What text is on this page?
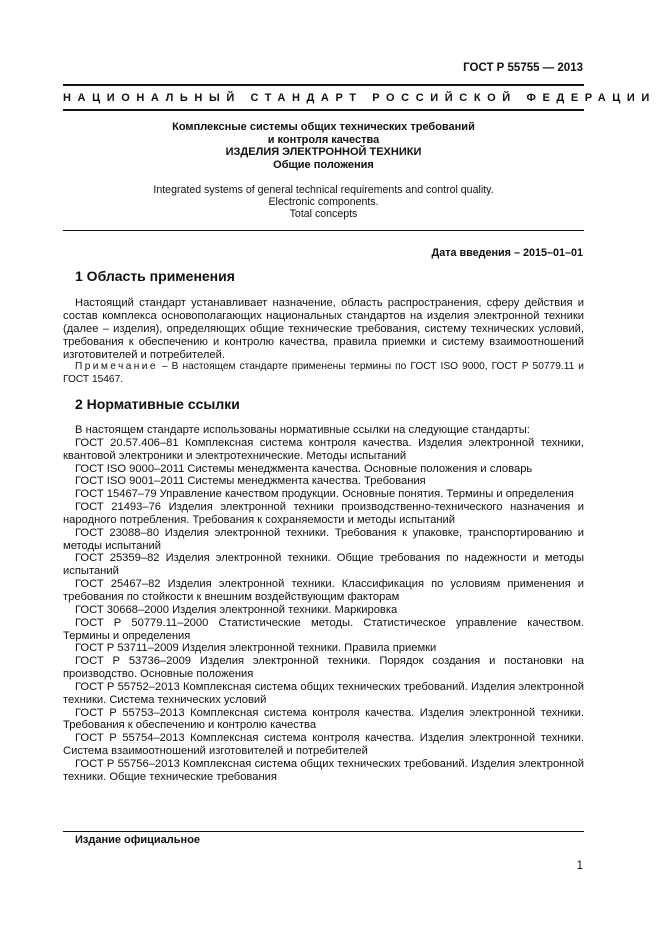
ГОСТ Р 55755 — 2013
НАЦИОНАЛЬНЫЙ СТАНДАРТ РОССИЙСКОЙ ФЕДЕРАЦИИ
Комплексные системы общих технических требований
и контроля качества
ИЗДЕЛИЯ ЭЛЕКТРОННОЙ ТЕХНИКИ
Общие положения
Integrated systems of general technical requirements and control quality.
Electronic components.
Total concepts
Дата введения – 2015–01–01
1 Область применения
Настоящий стандарт устанавливает назначение, область распространения, сферу действия и состав комплекса основополагающих национальных стандартов на изделия электронной техники (далее – изделия), определяющих общие технические требования, систему технических условий, требования к обеспечению и контролю качества, правила приемки и систему взаимоотношений изготовителей и потребителей.
Примечание – В настоящем стандарте применены термины по ГОСТ ISO 9000, ГОСТ Р 50779.11 и ГОСТ 15467.
2 Нормативные ссылки

В настоящем стандарте использованы нормативные ссылки на следующие стандарты:

ГОСТ 20.57.406–81 Комплексная система контроля качества. Изделия электронной техники, квантовой электроники и электротехнические. Методы испытаний

ГОСТ ISO 9000–2011 Системы менеджмента качества. Основные положения и словарь

ГОСТ ISO 9001–2011 Системы менеджмента качества. Требования

ГОСТ 15467–79 Управление качеством продукции. Основные понятия. Термины и определения

ГОСТ 21493–76 Изделия электронной техники производственно-технического назначения и народного потребления. Требования к сохраняемости и методы испытаний

ГОСТ 23088–80 Изделия электронной техники. Требования к упаковке, транспортированию и методы испытаний

ГОСТ 25359–82 Изделия электронной техники. Общие требования по надежности и методы испытаний

ГОСТ 25467–82 Изделия электронной техники. Классификация по условиям применения и требования по стойкости к внешним воздействующим факторам

ГОСТ 30668–2000 Изделия электронной техники. Маркировка

ГОСТ Р 50779.11–2000 Статистические методы. Статистическое управление качеством. Термины и определения

ГОСТ Р 53711–2009 Изделия электронной техники. Правила приемки

ГОСТ Р 53736–2009 Изделия электронной техники. Порядок создания и постановки на производство. Основные положения

ГОСТ Р 55752–2013 Комплексная система общих технических требований. Изделия электронной техники. Система технических условий

ГОСТ Р 55753–2013 Комплексная система контроля качества. Изделия электронной техники. Требования к обеспечению и контролю качества

ГОСТ Р 55754–2013 Комплексная система контроля качества. Изделия электронной техники. Система взаимоотношений изготовителей и потребителей

ГОСТ Р 55756–2013 Комплексная система общих технических требований. Изделия электронной техники. Общие технические требования

Издание официальное
1
